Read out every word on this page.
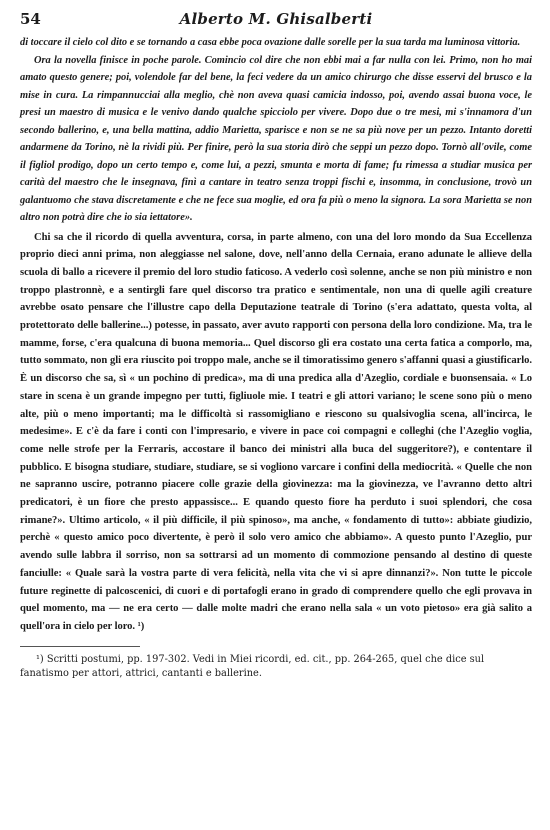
54	Alberto M. Ghisalberti

di toccare il cielo col dito e se tornando a casa ebbe poca ovazione dalle sorelle per la sua tarda ma luminosa vittoria.

Ora la novella finisce in poche parole. Comincio col dire che non ebbi mai a far nulla con lei. Primo, non ho mai amato questo genere; poi, volendole far del bene, la feci vedere da un amico chirurgo che disse esservi del brusco e la mise in cura. La rimpannucciai alla meglio, chè non aveva quasi camicia indosso, poi, avendo assai buona voce, le presi un maestro di musica e le venivo dando qualche spicciolo per vivere. Dopo due o tre mesi, mi s'innamora d'un secondo ballerino, e, una bella mattina, addio Marietta, sparisce e non se ne sa più nove per un pezzo. Intanto doretti andarmene da Torino, nè la rividi più. Per finire, però la sua storia dirò che seppi un pezzo dopo. Tornò all'ovile, come il figliol prodigo, dopo un certo tempo e, come lui, a pezzi, smunta e morta di fame; fu rimessa a studiar musica per carità del maestro che le insegnava, finì a cantare in teatro senza troppi fischi e, insomma, in conclusione, trovò un galantuomo che stava discretamente e che ne fece sua moglie, ed ora fa più o meno la signora. La sora Marietta se non altro non potrà dire che io sia iettatore».

Chi sa che il ricordo di quella avventura, corsa, in parte almeno, con una del loro mondo da Sua Eccellenza proprio dieci anni prima, non aleggiasse nel salone, dove, nell'anno della Cernaia, erano adunate le allieve della scuola di ballo a ricevere il premio del loro studio faticoso. A vederlo così solenne, anche se non più ministro e non troppo plastronnè, e a sentirgli fare quel discorso tra pratico e sentimentale, non una di quelle agili creature avrebbe osato pensare che l'illustre capo della Deputazione teatrale di Torino (s'era adattato, questa volta, al protettorato delle ballerine...) potesse, in passato, aver avuto rapporti con persona della loro condizione. Ma, tra le mamme, forse, c'era qualcuna di buona memoria... Quel discorso gli era costato una certa fatica a comporlo, ma, tutto sommato, non gli era riuscito poi troppo male, anche se il timoratissimo genero s'affanni quasi a giustificarlo. È un discorso che sa, sì « un pochino di predica», ma di una predica alla d'Azeglio, cordiale e buonsensaia. « Lo stare in scena è un grande impegno per tutti, figliuole mie. I teatri e gli attori variano; le scene sono più o meno alte, più o meno importanti; ma le difficoltà si rassomigliano e riescono su qualsivoglia scena, all'incirca, le medesime». E c'è da fare i conti con l'impresario, e vivere in pace coi compagni e colleghi (che l'Azeglio voglia, come nelle strofe per la Ferraris, accostare il banco dei ministri alla buca del suggeritore?), e contentare il pubblico. E bisogna studiare, studiare, studiare, se si vogliono varcare i confini della mediocrità. « Quelle che non ne sapranno uscire, potranno piacere colle grazie della giovinezza: ma la giovinezza, ve l'avranno detto altri predicatori, è un fiore che presto appassisce... E quando questo fiore ha perduto i suoi splendori, che cosa rimane?». Ultimo articolo, « il più difficile, il più spinoso», ma anche, « fondamento di tutto»: abbiate giudizio, perchè « questo amico poco divertente, è però il solo vero amico che abbiamo». A questo punto l'Azeglio, pur avendo sulle labbra il sorriso, non sa sottrarsi ad un momento di commozione pensando al destino di queste fanciulle: « Quale sarà la vostra parte di vera felicità, nella vita che vi si apre dinnanzi?». Non tutte le piccole future reginette di palcoscenici, di cuori e di portafogli erano in grado di comprendere quello che egli provava in quel momento, ma — ne era certo — dalle molte madri che erano nella sala « un voto pietoso» era già salito a quell'ora in cielo per loro. ¹)

¹) Scritti postumi, pp. 197-302. Vedi in Miei ricordi, ed. cit., pp. 264-265, quel che dice sul fanatismo per attori, attrici, cantanti e ballerine.
